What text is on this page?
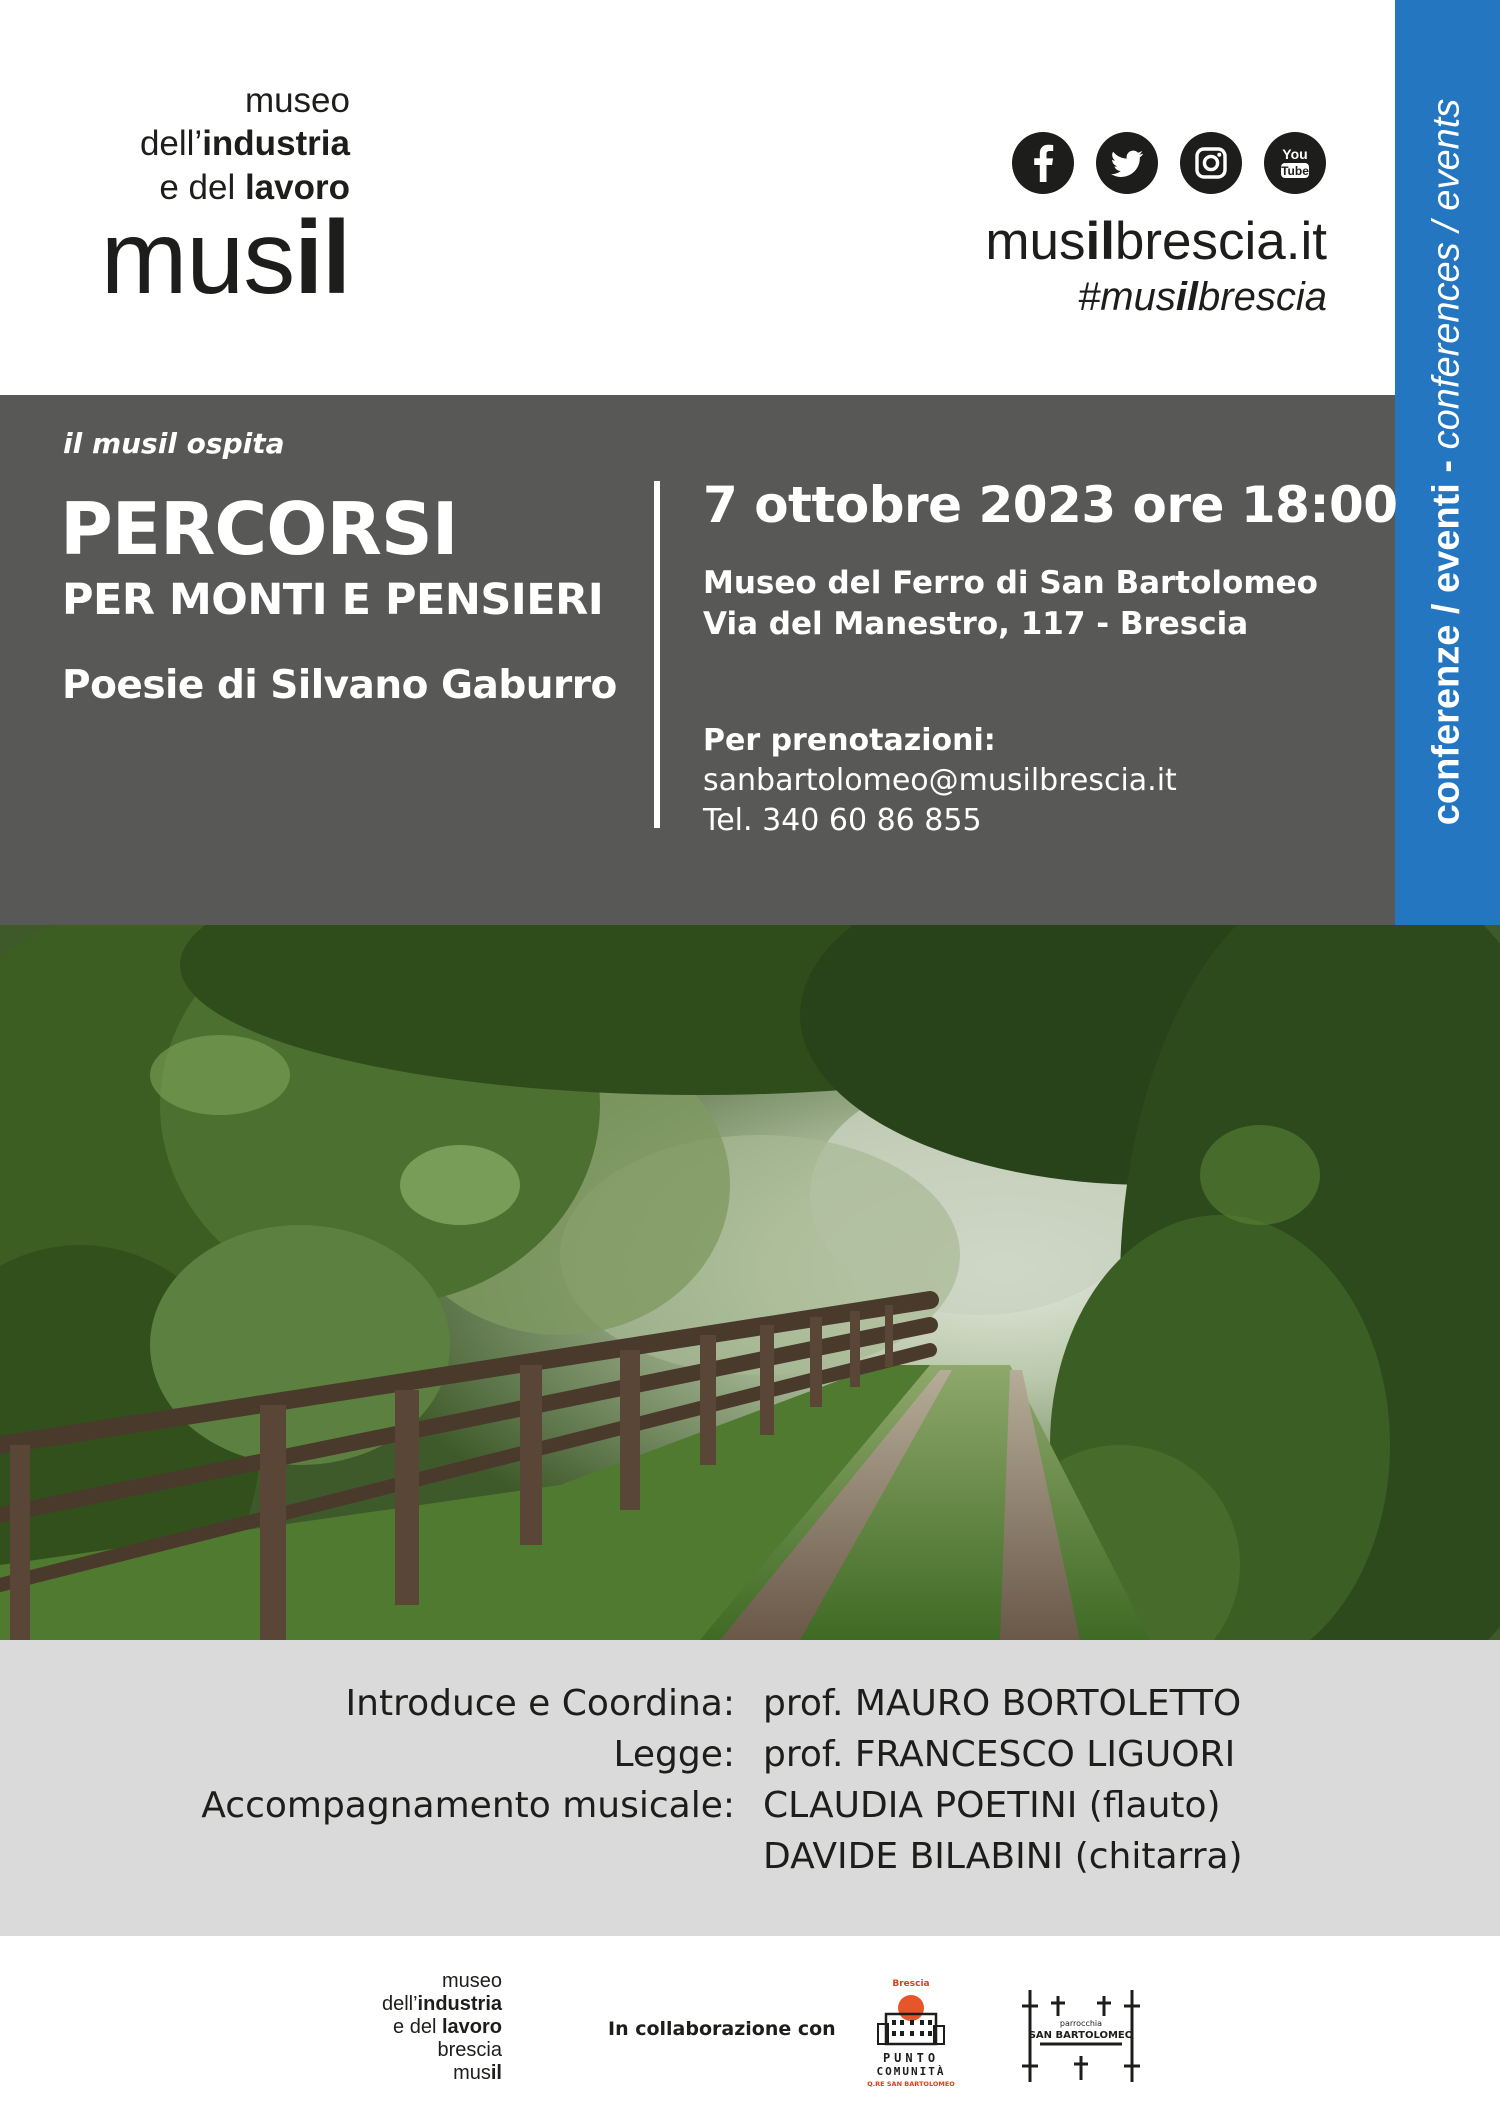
museo
dell’industria
e del lavoro
musil
You
Tube
musilbrescia.it
#musilbrescia
conferenze / eventi - conferences / events
il musil ospita
PERCORSI
PER MONTI E PENSIERI
Poesie di Silvano Gaburro
7 ottobre 2023 ore 18:00
Museo del Ferro di San Bartolomeo
Via del Manestro, 117 - Brescia
Per prenotazioni:
sanbartolomeo@musilbrescia.it
Tel. 340 60 86 855
Introduce e Coordina: prof. MAURO BORTOLETTO
Legge: prof. FRANCESCO LIGUORI
Accompagnamento musicale: CLAUDIA POETINI (flauto)
DAVIDE BILABINI (chitarra)
museo
dell’industria
e del lavoro
brescia
musil
In collaborazione con
Brescia
PUNTO
COMUNITÀ
Q.RE SAN BARTOLOMEO
parrocchia
SAN BARTOLOMEO
